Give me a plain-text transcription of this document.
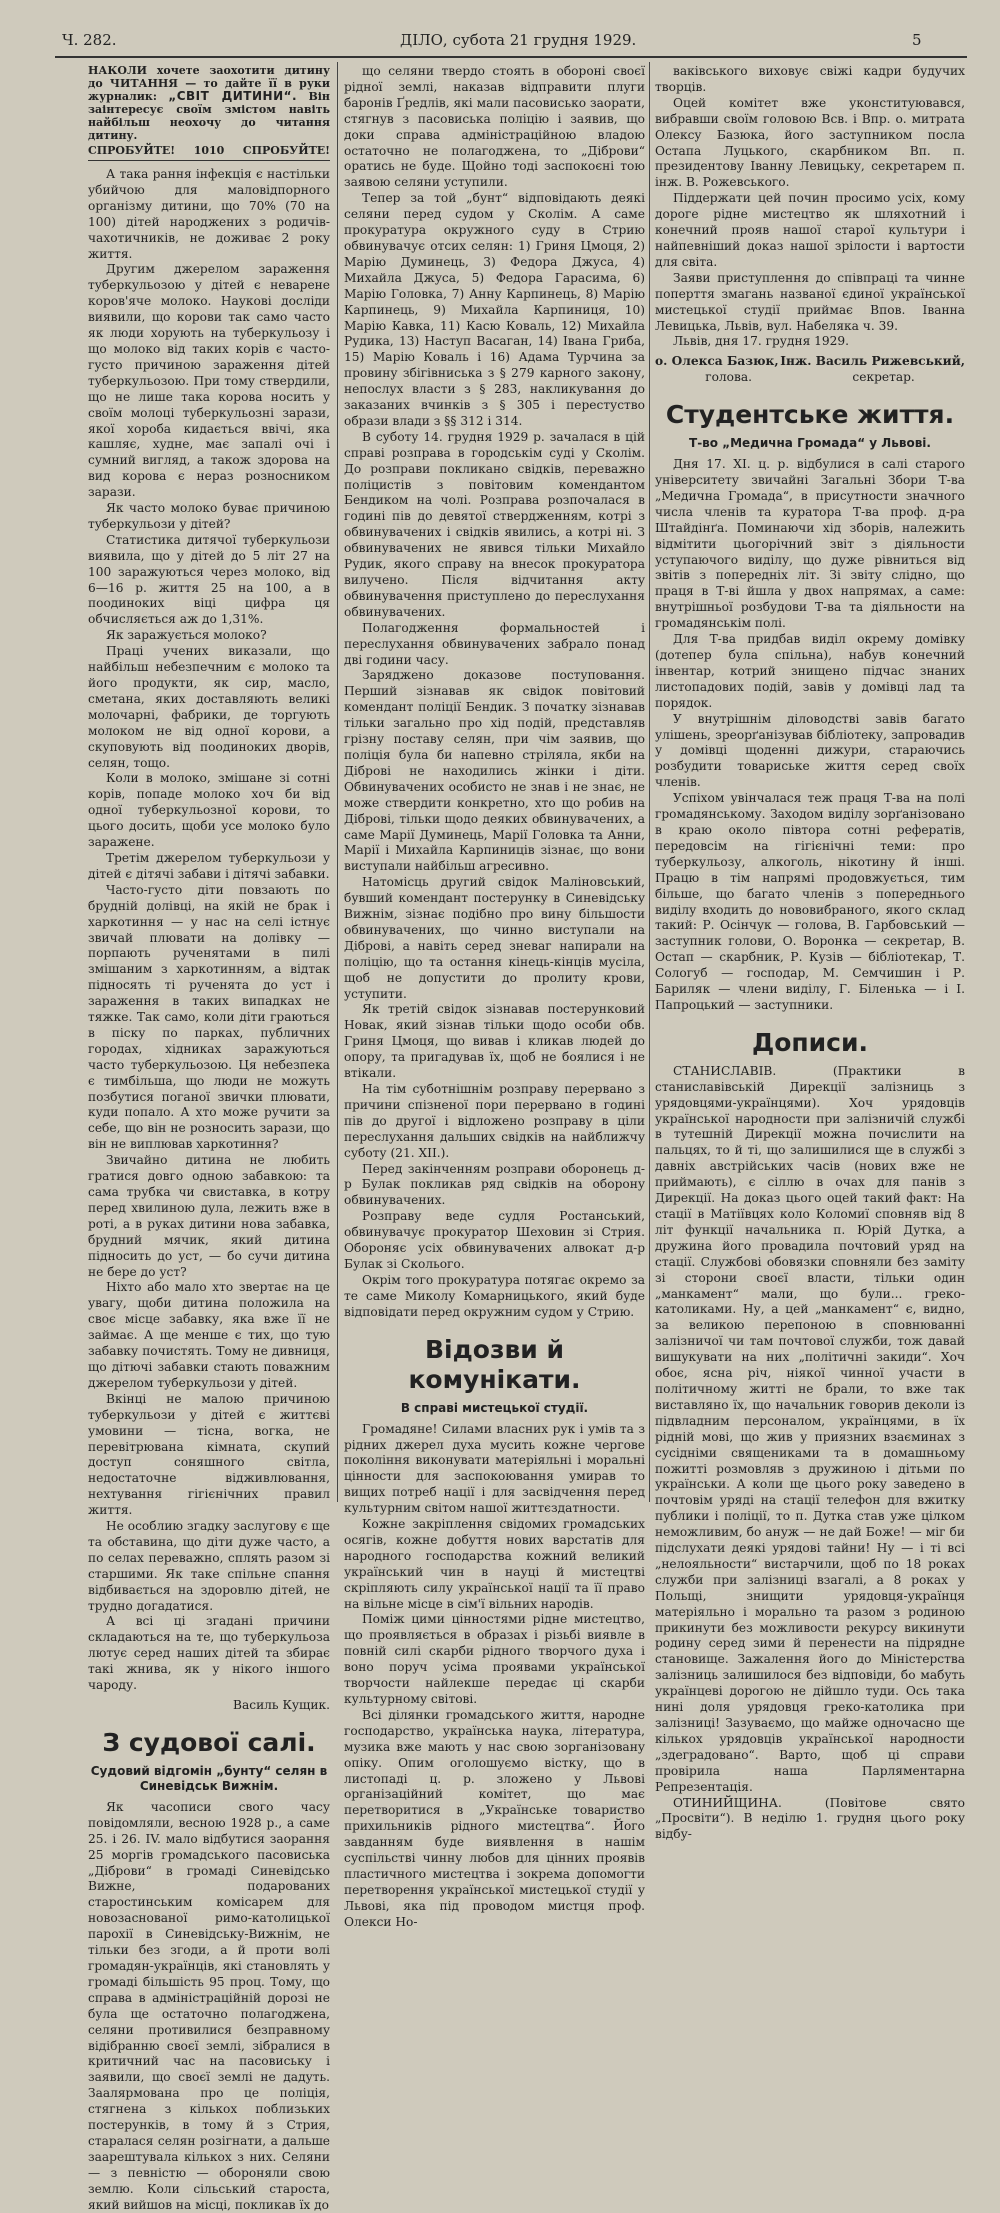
Ч. 282.	ДІЛО, субота 21 грудня 1929.	5
НАКОЛИ хочете заохотити дитину до ЧИТАННЯ — то дайте її в руки журналик: „СВІТ ДИТИНИ“. Він заінтересує своїм змістом навіть найбільш неохочу до читання дитину.
СПРОБУЙТЕ! 1010 СПРОБУЙТЕ!

А така рання інфекція є настільки убийчою для маловідпорного організму дитини, що 70% (70 на 100) дітей народжених з родичів-чахотичників, не доживає 2 року життя.

Другим джерелом зараження туберкульозою у дітей є неварене коров'яче молоко. Наукові досліди виявили, що корови так само часто як люди хорують на туберкульозу і що молоко від таких корів є часто-густо причиною зараження дітей туберкульозою. При тому ствердили, що не лише така корова носить у своїм молоці туберкульозні зарази, якої хороба кидається ввічі, яка кашляє, худне, має запалі очі і сумний вигляд, а також здорова на вид корова є нераз розносником зарази.

Як часто молоко буває причиною туберкульози у дітей?

Статистика дитячої туберкульози виявила, що у дітей до 5 літ 27 на 100 заражуються через молоко, від 6—16 р. життя 25 на 100, а в поодиноких віці цифра ця обчисляється аж до 1,31%.

Як заражується молоко?

Праці учених виказали, що найбільш небезпечним є молоко та його продукти, як сир, масло, сметана, яких доставляють великі молочарні, фабрики, де торгують молоком не від одної корови, а скуповують від поодиноких дворів, селян, тощо.

Коли в молоко, змішане зі сотні корів, попаде молоко хоч би від одної туберкульозної корови, то цього досить, щоби усе молоко було заражене.

Третім джерелом туберкульози у дітей є дітячі забави і дітячі забавки.

Часто-густо діти повзають по брудній долівці, на якій не брак і харкотиння — у нас на селі істнує звичай плювати на долівку — порпають рученятами в пилі змішаним з харкотинням, а відтак підносять ті рученята до уст і зараження в таких випадках не тяжке. Так само, коли діти граються в піску по парках, публичних городах, хідниках заражуються часто туберкульозою. Ця небезпека є тимбільша, що люди не можуть позбутися поганої звички плювати, куди попало. А хто може ручити за себе, що він не розносить зарази, що він не виплював харкотиння?

Звичайно дитина не любить гратися довго одною забавкою: та сама трубка чи свиставка, в котру перед хвилиною дула, лежить вже в роті, а в руках дитини нова забавка, брудний мячик, який дитина підносить до уст, — бо сучи дитина не бере до уст?

Ніхто або мало хто звертає на це увагу, щоби дитина положила на своє місце забавку, яка вже її не займає. А ще менше є тих, що тую забавку почистять. Тому не дивниця, що дітючі забавки стають поважним джерелом туберкульози у дітей.

Вкінці не малою причиною туберкульози у дітей є життєві умовини — тісна, вогка, не перевітрювана кімната, скупий доступ соняшного світла, недостаточне відживлювання, нехтування гігієнічних правил життя.

Не особлию згадку заслугову є ще та обставина, що діти дуже часто, а по селах переважно, сплять разом зі старшими. Як таке спільне спання відбивається на здоровлю дітей, не трудно догадатися.

А всі ці згадані причини складаються на те, що туберкульоза лютує серед наших дітей та збирає такі жнива, як у нікого іншого чароду.

Василь Кущик.
З судової салі.
Судовий відгомін „бунту“ селян в Синевідськ Вижнім.

Як часописи свого часу повідомляли, весною 1928 р., а саме 25. і 26. IV. мало відбутися заорання 25 моргів громадського пасовиська „Діброви“ в громаді Синевідсько Вижне, подарованих старостинським комісарем для новозаснованої римо-католицької парохії в Синевідську-Вижнім, не тільки без згоди, а й проти волі громадян-українців, які становлять у громаді більшість 95 проц. Тому, що справа в адміністраційній дорозі не була ще остаточно полагоджена, селяни противилися безправному відібранню своєї землі, зібралися в критичний час на пасовиську і заявили, що своєї землі не дадуть. Заалярмована про це поліція, стягнена з кількох поблизьких постерунків, в тому й з Стрия, старалася селян розігнати, а дальше заарештувала кількох з них. Селяни — з певністю — обороняли свою землю. Коли сільський староста, який вийшов на місці, покликав їх до

що селяни твердо стоять в обороні своєї рідної землі, наказав відправити плуги баронів Ґредлів, які мали пасовисько заорати, стягнув з пасовиська поліцію і заявив, що доки справа адміністраційною владою остаточно не полагоджена, то „Діброви“ оратись не буде. Щойно тоді заспокоєні тою заявою селяни уступили.

Тепер за той „бунт“ відповідають деякі селяни перед судом у Сколім. А саме прокуратура окружного суду в Стрию обвинувачує отсих селян: 1) Гриня Цмоця, 2) Марію Думинець, 3) Федора Джуса, 4) Михайла Джуса, 5) Федора Гарасима, 6) Марію Головка, 7) Анну Карпинець, 8) Марію Карпинець, 9) Михайла Карпиниця, 10) Марію Кавка, 11) Касю Коваль, 12) Михайла Рудика, 13) Наступ Васаган, 14) Івана Гриба, 15) Марію Коваль і 16) Адама Турчина за провину збігівниська з § 279 карного закону, непослух власти з § 283, накликування до заказаних вчинків з § 305 і перестуство образи влади з §§ 312 і 314.

В суботу 14. грудня 1929 р. зачалася в цій справі розправа в городськім суді у Сколім. До розправи покликано свідків, переважно поліцистів з повітовим комендантом Бендиком на чолі. Розправа розпочалася в годині пів до девятої ствердженням, котрі з обвинувачених і свідків явились, а котрі ні. З обвинувачених не явився тільки Михайло Рудик, якого справу на внесок прокуратора вилучено. Після відчитання акту обвинувачення приступлено до переслухання обвинувачених.

Полагодження формальностей і переслухання обвинувачених забрало понад дві години часу.

Зарядженo доказове поступовання. Перший зізнавав як свідок повітовий комендант поліції Бендик. З початку зізнавав тільки загально про хід подій, представляв грізну поставу селян, при чім заявив, що поліція була би напевно стріляла, якби на Діброві не находились жінки і діти. Обвинувачених особисто не знав і не знає, не може ствердити конкретно, хто що робив на Діброві, тільки щодо деяких обвинувачених, а саме Марії Думинець, Марії Головка та Анни, Марії і Михайла Карпиниців зізнає, що вони виступали найбільш агресивно.

Натомісць другий свідок Маліновський, бувший комендант постерунку в Синевідську Вижнім, зізнає подібно про вину більшости обвинувачених, що чинно виступали на Діброві, а навіть серед зневаг напирали на поліцію, що та остання кінець-кінців мусіла, щоб не допустити до пролиту крови, уступити.

Як третій свідок зізнавав постерунковий Новак, який зізнав тільки щодо особи обв. Гриня Цмоця, що вивав і кликав людей до опору, та пригадував їх, щоб не боялися і не втікали.

На тім суботнішнім розправу перервано з причини спізненої пори перервано в годині пів до другої і відложено розправу в ціли переслухання дальших свідків на найближчу суботу (21. XII.).

Перед закінченням розправи оборонець д-р Булак покликав ряд свідків на оборону обвинувачених.

Розправу веде судля Ростанський, обвинувачує прокуратор Шеховин зі Стрия. Обороняє усіх обвинувачених алвокат д-р Булак зі Сколього.

Окрім того прокуратура потягає окремо за те саме Миколу Комарницького, який буде відповідати перед окружним судом у Стрию.

Відозви й комунікати.
В справі мистецької студії.

Громадяне! Силами власних рук і умів та з рідних джерел духа мусить кожне чергове покоління виконувати матеріяльні і моральні цінности для заспокоювання умирав то вищих потреб нації і для засвідчення перед культурним світом нашої життєздатности.

Кожне закріплення свідомих громадських осягів, кожне добуття нових варстатів для народного господарства кожний великий український чин в науці й мистецтві скріпляють силу української нації та її право на вільне місце в сім'ї вільних народів.

Поміж цими цінностями рідне мистецтво, що проявляється в образах і різьбі виявле в повній силі скарби рідного творчого духа і воно поруч усіма проявами української творчости найлекше передає ці скарби культурному світові.

Всі ділянки громадського життя, народне господарство, українська наука, література, музика вже мають у нас свою зорганізовану опіку. Опим оголошуємо вістку, що в листопаді ц. р. зложено у Львові організаційний комітет, що має перетворитися в „Українське товариство прихильників рідного мистецтва“. Його завданням буде виявлення в нашім суспільстві чинну любов для цінних проявів пластичного мистецтва і зокрема допомогти перетворення української мистецької студії у Львові, яка під проводом мистця проф. Олекси Но-

вакiвського виховує свіжі кадри будучих творців.

Оцей комітет вже уконституювався, вибравши своїм головою Вcв. і Впр. о. митрата Олексу Базюка, його заступником посла Остапа Луцького, скарбником Вп. п. президентову Іванну Левицьку, секретарем п. інж. В. Рожевського.

Піддержати цей почин просимо усіх, кому дороге рідне мистецтво як шляхотний і конечний прояв нашої старої культури і найпевніший доказ нашої зрілости і вартости для світа.

Заяви приступлення до співпраці та чинне поперття змагань названої єдиної української мистецької студії приймає Впов. Іванна Левицька, Львів, вул. Набеляка ч. 39.

Львів, дня 17. грудня 1929.

о. Олекса Базюк, Інж. Василь Рижевський,
голова.	секретар.
Студентське життя.
Т-во „Медична Громада“ у Львові.

Дня 17. XI. ц. р. відбулися в салі старого університету звичайні Загальні Збори Т-ва „Медична Громада“, в присутности значного числа членів та куратора Т-ва проф. д-ра Штайдінґа. Поминаючи хід зборів, належить відмітити цьогорічний звіт з діяльности уступаючого виділу, що дуже рівниться від звітів з попередніх літ. Зі звіту слідно, що праця в Т-ві йшла у двох напрямах, а саме: внутрішньої розбудови Т-ва та діяльности на громадянськім полі.

Для Т-ва придбав виділ окрему домівку (дотепер була спільна), набув конечний інвентар, котрий знищено підчас знаних листопадових подій, завів у домівці лад та порядок.

У внутрішнім діловодстві завів багато улішень, зреорґанізував бібліотеку, запровадив у домівці щоденні дижури, стараючись розбудити товариське життя серед своїх членів.

Успіхом увінчалася теж праця Т-ва на полі громадянському. Заходом виділу зорґанізовано в краю около півтора сотні рефератів, передовсім на гігієнічні теми: про туберкульозу, алкоголь, нікотину й інші. Працю в тім напрямі продовжується, тим більше, що багато членів з попереднього виділу входить до нововибраного, якого склад такий: Р. Осінчук — голова, В. Гарбовський — заступник голови, О. Воронка — секретар, В. Остап — скарбник, Р. Кузів — бібліотекар, Т. Сологуб — господар, М. Семчишин і Р. Бариляк — члени виділу, Г. Біленька — і І. Папроцький — заступники.

Дописи.

СТАНИСЛАВІВ. (Практики в станиславівській Дирекції залізниць з урядовцями-українцями). Хоч урядовців української народности при залізничій службі в тутешній Дирекції можна почислити на пальцях, то й ті, що залишилися ще в службі з давніх австрійських часів (нових вже не приймають), є сіллю в очах для панів з Дирекції. На доказ цього оцей такий факт: На стації в Матіївцях коло Коломиї сповняв від 8 літ функції начальника п. Юрій Дутка, а дружина його провадила почтовий уряд на стації. Службові обовязки сповняли без заміту зі сторони своєї власти, тільки один „манкамент“ мали, що були... греко-католиками. Ну, а цей „манкамент“ є, видно, за великою перепоною в сповнюванні залізничої чи там почтової служби, тож давай вишукувати на них „політичні закиди“. Хоч обоє, ясна річ, ніякої чинної участи в політичному житті не брали, то вже так виставляно їх, що начальник говорив деколи із підвладним персоналом, українцями, в їх рідній мові, що жив у приязних взаєминах з сусідніми священиками та в домашньому пожиттi розмовляв з дружиною і дітьми по українськи. А коли ще цього року заведено в почтовім уряді на стації телефон для вжитку публики і поліції, то п. Дутка став уже цілком неможливим, бо ануж — не дай Боже! — міг би підслухати деякі урядові тайни! Ну — і ті всі „нелояльности“ вистарчили, щоб по 18 роках служби при залізниці взагалі, а 8 роках у Польщі, знищити урядовця-українця матеріяльно і морально та разом з родиною прикинути без можливости рекурсу викинути родину серед зими й перенести на підрядне становище. Зажалення його до Міністерства залізниць залишилося без відповіди, бо мабуть українцеві дорогою не дійшло туди. Ось така нині доля урядовця греко-католика при залізниці! Зазуваємо, що майже одночасно ще кількох урядовців української народности „здеградовано“. Варто, щоб ці справи провірила наша Парляментарна Репрезентація.

ОТИНИЙЩИНА. (Повітове свято „Просвіти“). В неділю 1. грудня цього року відбу-
